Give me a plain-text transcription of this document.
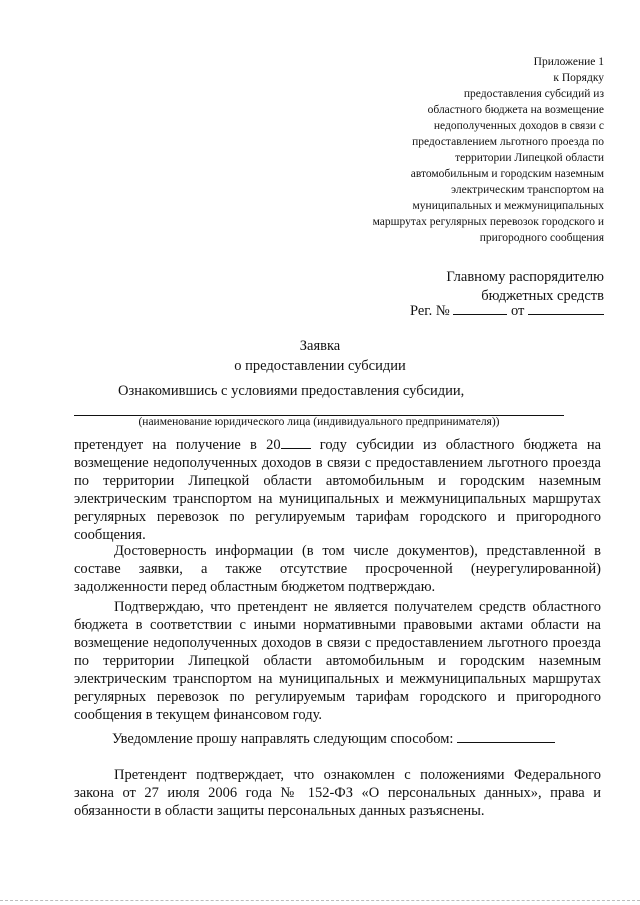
Приложение 1
к Порядку
предоставления субсидий из
областного бюджета на возмещение
недополученных доходов в связи с
предоставлением льготного проезда по
территории Липецкой области
автомобильным и городским наземным
электрическим транспортом на
муниципальных и межмуниципальных
маршрутах регулярных перевозок городского и
пригородного сообщения
Главному распорядителю
бюджетных средств
Рег. №	от
Заявка
о предоставлении субсидии
Ознакомившись с условиями предоставления субсидии,
(наименование юридического лица (индивидуального предпринимателя))

претендует на получение в 20 году субсидии из областного бюджета на возмещение недополученных доходов в связи с предоставлением льготного проезда по территории Липецкой области автомобильным и городским наземным электрическим транспортом на муниципальных и межмуниципальных маршрутах регулярных перевозок по регулируемым тарифам городского и пригородного сообщения.

Достоверность информации (в том числе документов), представленной в составе заявки, а также отсутствие просроченной (неурегулированной) задолженности перед областным бюджетом подтверждаю.

Подтверждаю, что претендент не является получателем средств областного бюджета в соответствии с иными нормативными правовыми актами области на возмещение недополученных доходов в связи с предоставлением льготного проезда по территории Липецкой области автомобильным и городским наземным электрическим транспортом на муниципальных и межмуниципальных маршрутах регулярных перевозок по регулируемым тарифам городского и пригородного сообщения в текущем финансовом году.

Уведомление прошу направлять следующим способом:

Претендент подтверждает, что ознакомлен с положениями Федерального закона от 27 июля 2006 года № 152-ФЗ «О персональных данных», права и обязанности в области защиты персональных данных разъяснены.
